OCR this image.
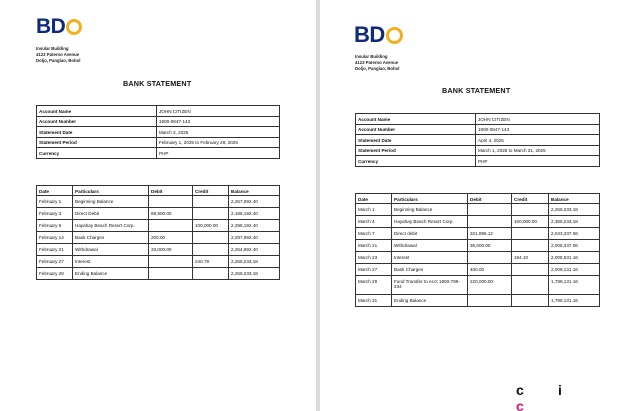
BD
Insular Building
4123 Paterno Avenue
Doljo, Panglao, Bohol
BANK STATEMENT
Account Name	JOHN CITIZEN
Account Number	1900-0847-143
Statement Date	March 3, 2025
Statement Period	February 1, 2025 to February 28, 2025
Currency	PHP
Date	Particulars	Debit	Credit	Balance
February 1	Beginning Balance			2,267,092.40
February 3	Direct Debit	68,900.00		2,198,192.40
February 6	Hayahay Beach Resort Corp.		100,000.00	2,298,192.40
February 14	Bank Charges	200.00		2,297,992.40
February 21	Withdrawal	33,000.00		2,264,992.40
February 27	Interest		240.78	2,265,233.18
February 28	Ending Balance			2,265,233.18
BD
Insular Building
4123 Paterno Avenue
Doljo, Panglao, Bohol
BANK STATEMENT
Account Name	JOHN CITIZEN
Account Number	1900-0847-143
Statement Date	April 4, 2025
Statement Period	March 1, 2025 to March 31, 2025
Currency	PHP
Date	Particulars	Debit	Credit	Balance
March 1	Beginning Balance			2,265,233.18
March 4	Hayahay Beach Resort Corp.		100,000.00	2,365,233.18
March 7	Direct debit	321,896.12		2,043,337.06
March 21	Withdrawal	35,000.00		2,008,337.06
March 23	Interest		194.10	2,008,531.16
March 27	Bank Charges	400.00		2,008,131.16
March 29	Fund Transfer to Acct 1900-789-234	220,000.00		1,788,131.16
March 31	Ending Balance			1,788,131.16
c ic
